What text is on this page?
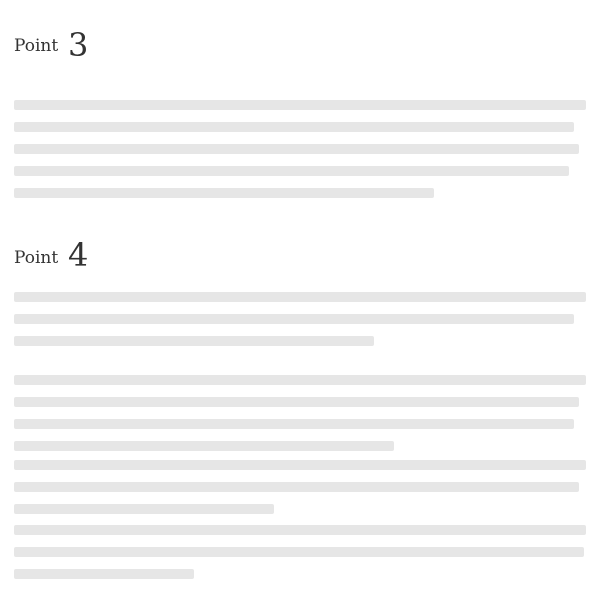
Point 3
Point 4
